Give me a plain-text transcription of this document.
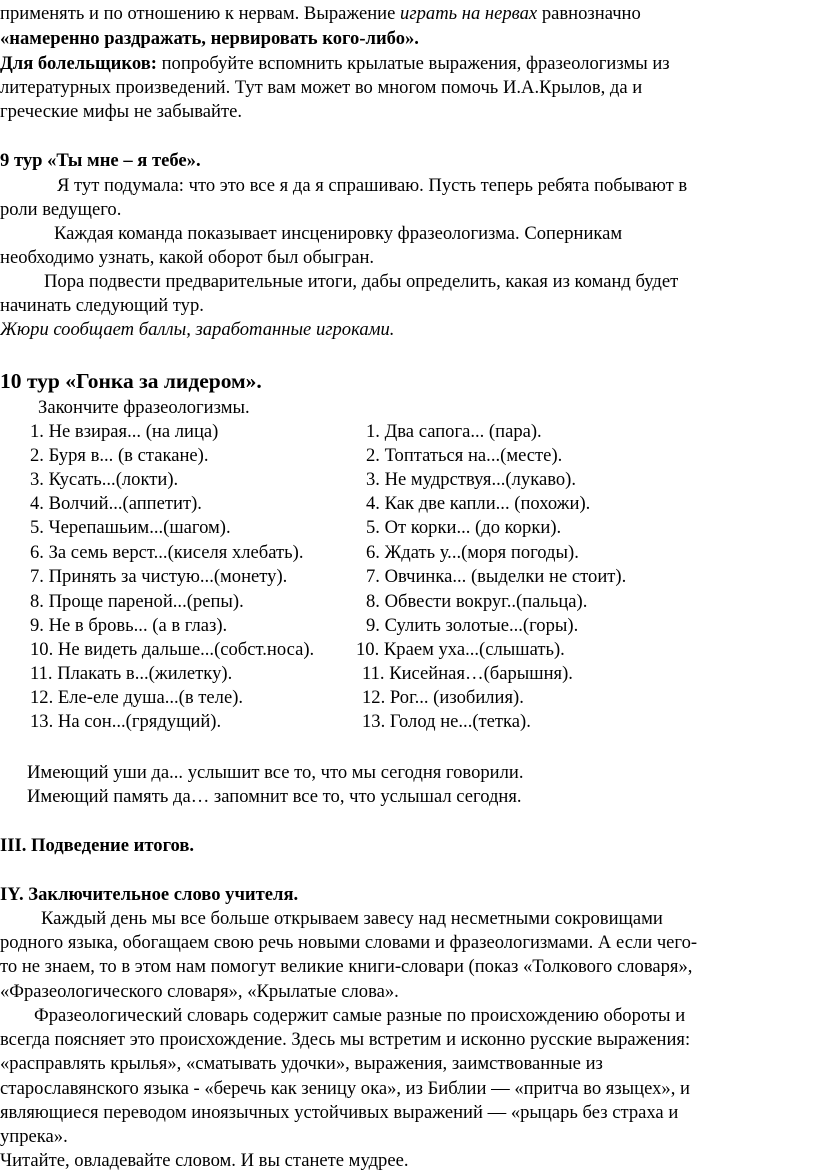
применять и по отношению к нервам. Выражение играть на нервах равнозначно
«намеренно раздражать, нервировать кого-либо».
Для болельщиков: попробуйте вспомнить крылатые выражения, фразеологизмы из
литературных произведений. Тут вам может во многом помочь И.А.Крылов, да и
греческие мифы не забывайте.
9 тур «Ты мне – я тебе».
Я тут подумала: что это все я да я спрашиваю. Пусть теперь ребята побывают в
роли ведущего.
Каждая команда показывает инсценировку фразеологизма. Соперникам
необходимо узнать, какой оборот был обыгран.
Пора подвести предварительные итоги, дабы определить, какая из команд будет
начинать следующий тур.
Жюри сообщает баллы, заработанные игроками.
10 тур «Гонка за лидером».
Закончите фразеологизмы.
1. Не взирая... (на лица)
2. Буря в... (в стакане).
3. Кусать...(локти).
4. Волчий...(аппетит).
5. Черепашьим...(шагом).
6. За семь верст...(киселя хлебать).
7. Принять за чистую...(монету).
8. Проще пареной...(репы).
9. Не в бровь... (а в глаз).
10. Не видеть дальше...(собст.носа).
11. Плакать в...(жилетку).
12. Еле-еле душа...(в теле).
13. На сон...(грядущий).
1. Два сапога... (пара).
2. Топтаться на...(месте).
3. Не мудрствуя...(лукаво).
4. Как две капли... (похожи).
5. От корки... (до корки).
6. Ждать у...(моря погоды).
7. Овчинка... (выделки не стоит).
8. Обвести вокруг..(пальца).
9. Сулить золотые...(горы).
10. Краем уха...(слышать).
11. Кисейная…(барышня).
12. Рог... (изобилия).
13. Голод не...(тетка).
Имеющий уши да... услышит все то, что мы сегодня говорили.
Имеющий память да… запомнит все то, что услышал сегодня.
III. Подведение итогов.
IY. Заключительное слово учителя.
Каждый день мы все больше открываем завесу над несметными сокровищами
родного языка, обогащаем свою речь новыми словами и фразеологизмами. А если чего-
то не знаем, то в этом нам помогут великие книги-словари (показ «Толкового словаря»,
«Фразеологического словаря», «Крылатые слова».
Фразеологический словарь содержит самые разные по происхождению обороты и
всегда поясняет это происхождение. Здесь мы встретим и исконно русские выражения:
«расправлять крылья», «сматывать удочки», выражения, заимствованные из
старославянского языка - «беречь как зеницу ока», из Библии — «притча во языцех», и
являющиеся переводом иноязычных устойчивых выражений — «рыцарь без страха и
упрека».
Читайте, овладевайте словом. И вы станете мудрее.
